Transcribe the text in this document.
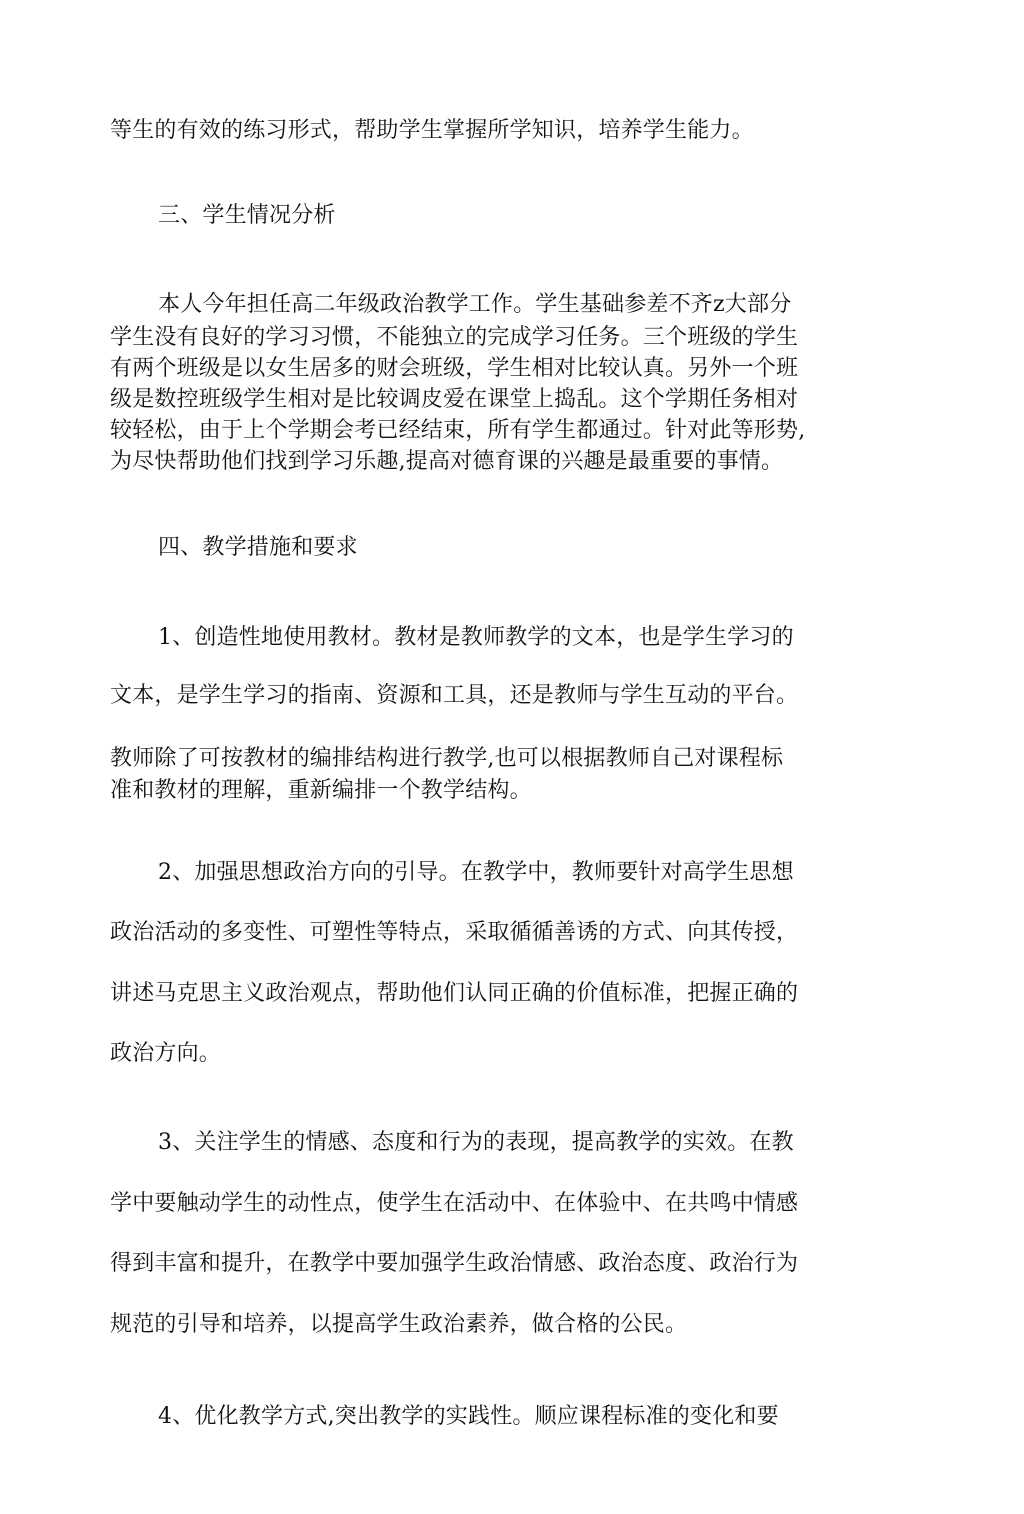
等生的有效的练习形式，帮助学生掌握所学知识，培养学生能力。
三、学生情况分析
本人今年担任高二年级政治教学工作。学生基础参差不齐z大部分
学生没有良好的学习习惯，不能独立的完成学习任务。三个班级的学生
有两个班级是以女生居多的财会班级，学生相对比较认真。另外一个班
级是数控班级学生相对是比较调皮爱在课堂上捣乱。这个学期任务相对
较轻松，由于上个学期会考已经结束，所有学生都通过。针对此等形势,
为尽快帮助他们找到学习乐趣,提高对德育课的兴趣是最重要的事情。
四、教学措施和要求
1、创造性地使用教材。教材是教师教学的文本，也是学生学习的
文本，是学生学习的指南、资源和工具，还是教师与学生互动的平台。
教师除了可按教材的编排结构进行教学,也可以根据教师自己对课程标
准和教材的理解，重新编排一个教学结构。
2、加强思想政治方向的引导。在教学中，教师要针对高学生思想
政治活动的多变性、可塑性等特点，采取循循善诱的方式、向其传授，
讲述马克思主义政治观点，帮助他们认同正确的价值标准，把握正确的
政治方向。
3、关注学生的情感、态度和行为的表现，提高教学的实效。在教
学中要触动学生的动性点，使学生在活动中、在体验中、在共鸣中情感
得到丰富和提升，在教学中要加强学生政治情感、政治态度、政治行为
规范的引导和培养，以提高学生政治素养，做合格的公民。
4、优化教学方式,突出教学的实践性。顺应课程标准的变化和要
